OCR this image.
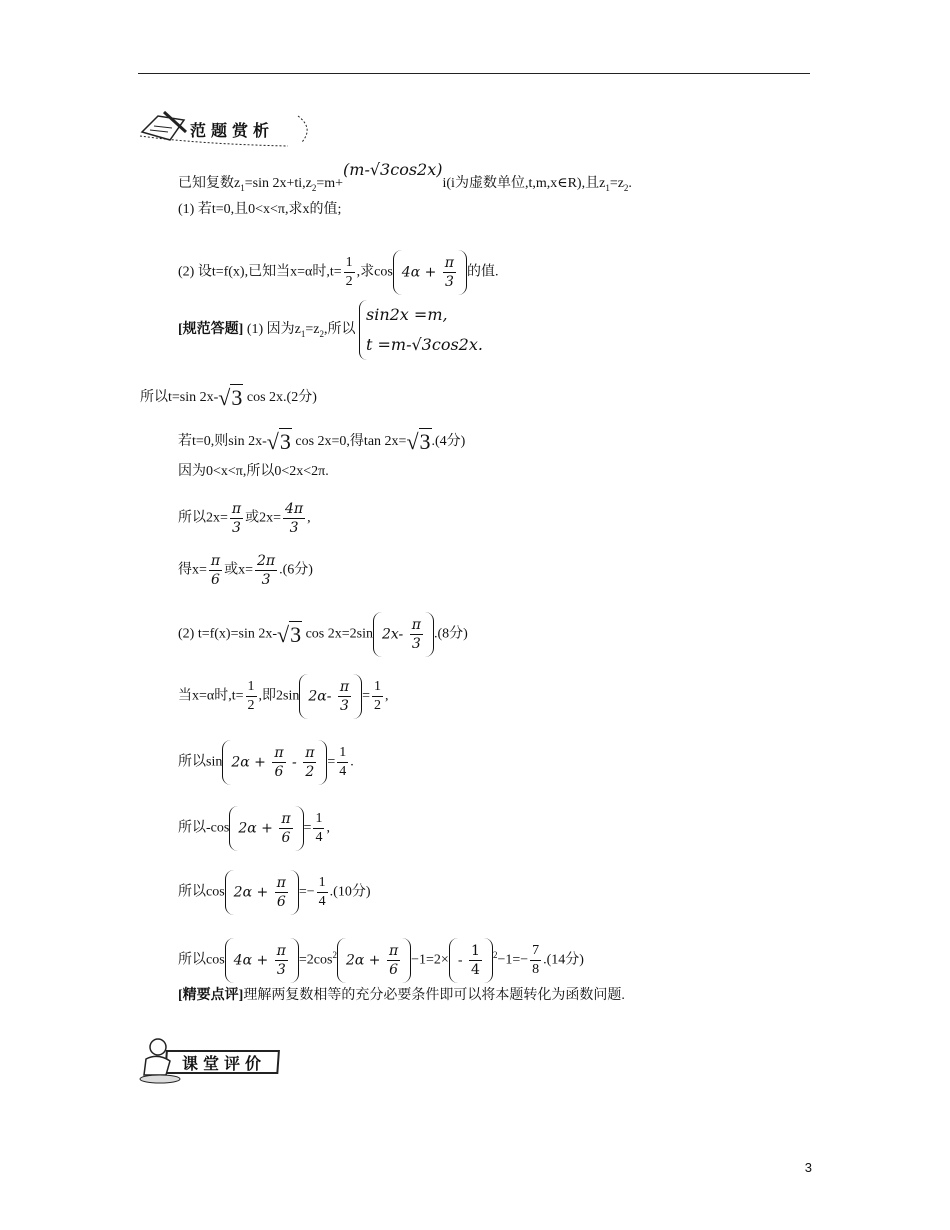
范题赏析
已知复数$z_1=\sin$ $2x+ti,z_2=m+(m-√3\cos 2x)i(i$为虚数单位,t,m,x∈R),且$z_1=z_2$.
(1) 若t=0,且0<x<π,求x的值;
(2) 设t=f(x),已知当x=α时$,t= \frac{1}{2}$ ,求$\cos 4\alpha + \frac{\pi}{3}$ 的值.
[规范答题] (1) 因为$z_1=z_2$,所以 sin2x =m,
t =m-√3cos2x.
所以t=sin 2x-√3 cos 2x.(2分)
若t=0,则sin 2x-√3 cos 2x=0,得tan 2x=√3.(4分)
因为0<x<π,所以0<2x<2π.
所以$2x= \frac{\pi}{3}$ 或$2x= \frac{4\pi}{3}$ ,
得$x= \frac{\pi}{6}$ 或$x= \frac{2\pi}{3} .(6$分)
(2) t=f(x)=sin 2x-√3 cos 2x=2sin $2x- \frac{\pi}{3} .(8$分)
当x=α时$,t= \frac{1}{2}$ ,即2sin $2\alpha- \frac{\pi}{3} = \frac{1}{2}$ ,
所以$\sin 2\alpha + \frac{\pi}{6} - \frac{\pi}{2} = \frac{1}{4}$ .
所以-cos $2\alpha + \frac{\pi}{6} = \frac{1}{4}$ ,
所以$\cos 2\alpha + \frac{\pi}{6} =- \frac{1}{4} .(10$分)
所以$\cos 4\alpha + \frac{\pi}{3} =2\cos^2$ $2\alpha + \frac{\pi}{6} -1=2\times - \frac{1}{4} ^2-1=- \frac{7}{8} .(14$分)
[精要点评]理解两复数相等的充分必要条件即可以将本题转化为函数问题.
课堂评价
3
